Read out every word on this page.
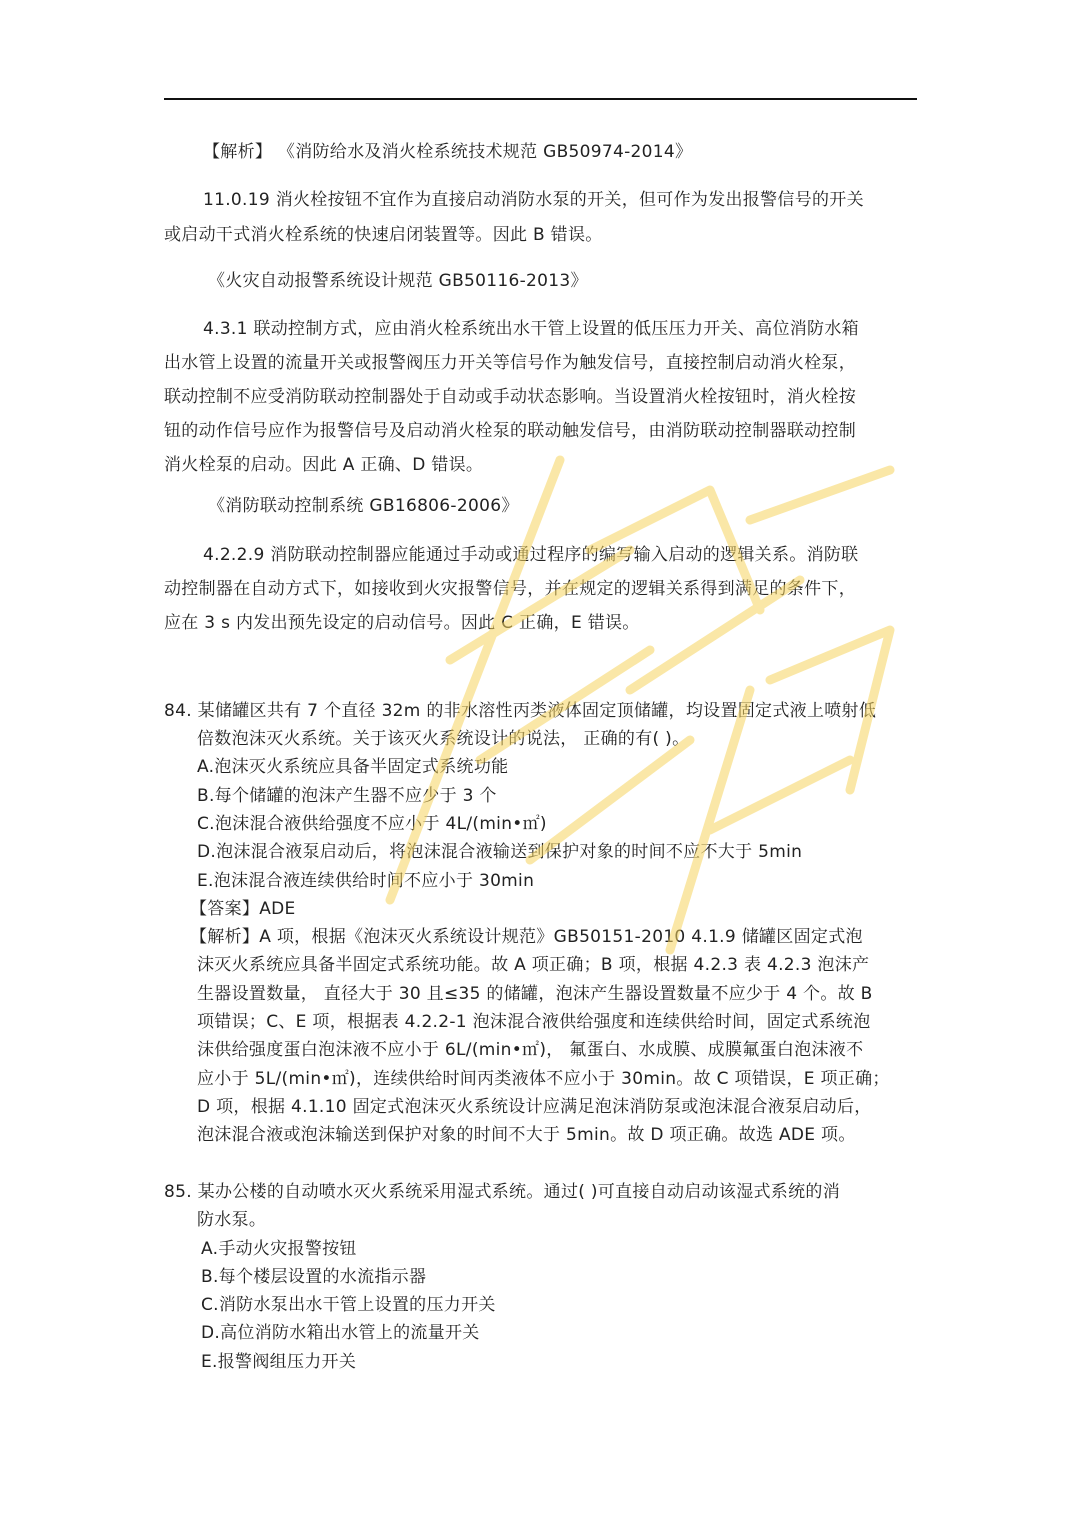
【解析】 《消防给水及消火栓系统技术规范 GB50974-2014》
11.0.19 消火栓按钮不宜作为直接启动消防水泵的开关，但可作为发出报警信号的开关
或启动干式消火栓系统的快速启闭装置等。因此 B 错误。
《火灾自动报警系统设计规范 GB50116-2013》
4.3.1 联动控制方式，应由消火栓系统出水干管上设置的低压压力开关、高位消防水箱
出水管上设置的流量开关或报警阀压力开关等信号作为触发信号，直接控制启动消火栓泵，
联动控制不应受消防联动控制器处于自动或手动状态影响。当设置消火栓按钮时，消火栓按
钮的动作信号应作为报警信号及启动消火栓泵的联动触发信号，由消防联动控制器联动控制
消火栓泵的启动。因此 A 正确、D 错误。
《消防联动控制系统 GB16806-2006》
4.2.2.9 消防联动控制器应能通过手动或通过程序的编写输入启动的逻辑关系。消防联
动控制器在自动方式下，如接收到火灾报警信号，并在规定的逻辑关系得到满足的条件下，
应在 3 s 内发出预先设定的启动信号。因此 C 正确，E 错误。
84. 某储罐区共有 7 个直径 32m 的非水溶性丙类液体固定顶储罐，均设置固定式液上喷射低
倍数泡沫灭火系统。关于该灭火系统设计的说法， 正确的有( )。
A.泡沫灭火系统应具备半固定式系统功能
B.每个储罐的泡沫产生器不应少于 3 个
C.泡沫混合液供给强度不应小于 4L/(min•㎡)
D.泡沫混合液泵启动后，将泡沫混合液输送到保护对象的时间不应不大于 5min
E.泡沫混合液连续供给时间不应小于 30min
【答案】ADE
【解析】A 项，根据《泡沫灭火系统设计规范》GB50151-2010 4.1.9 储罐区固定式泡
沫灭火系统应具备半固定式系统功能。故 A 项正确；B 项，根据 4.2.3 表 4.2.3 泡沫产
生器设置数量， 直径大于 30 且≤35 的储罐，泡沫产生器设置数量不应少于 4 个。故 B
项错误；C、E 项，根据表 4.2.2-1 泡沫混合液供给强度和连续供给时间，固定式系统泡
沫供给强度蛋白泡沫液不应小于 6L/(min•㎡)， 氟蛋白、水成膜、成膜氟蛋白泡沫液不
应小于 5L/(min•㎡)，连续供给时间丙类液体不应小于 30min。故 C 项错误，E 项正确；
D 项，根据 4.1.10 固定式泡沫灭火系统设计应满足泡沫消防泵或泡沫混合液泵启动后，
泡沫混合液或泡沫输送到保护对象的时间不大于 5min。故 D 项正确。故选 ADE 项。
85. 某办公楼的自动喷水灭火系统采用湿式系统。通过( )可直接自动启动该湿式系统的消
防水泵。
A.手动火灾报警按钮
B.每个楼层设置的水流指示器
C.消防水泵出水干管上设置的压力开关
D.高位消防水箱出水管上的流量开关
E.报警阀组压力开关
